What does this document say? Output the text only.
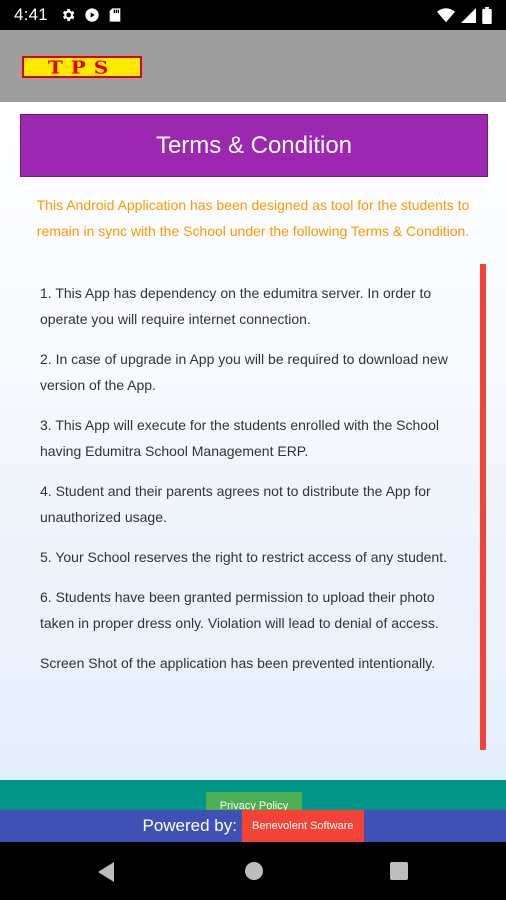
4:41
TPS
Terms & Condition

This Android Application has been designed as tool for the students to remain in sync with the School under the following Terms & Condition.

1. This App has dependency on the edumitra server. In order to operate you will require internet connection.

2. In case of upgrade in App you will be required to download new version of the App.

3. This App will execute for the students enrolled with the School having Edumitra School Management ERP.

4. Student and their parents agrees not to distribute the App for unauthorized usage.

5. Your School reserves the right to restrict access of any student.

6. Students have been granted permission to upload their photo taken in proper dress only. Violation will lead to denial of access.

Screen Shot of the application has been prevented intentionally.

Privacy Policy
Powered by:	Benevolent Software
